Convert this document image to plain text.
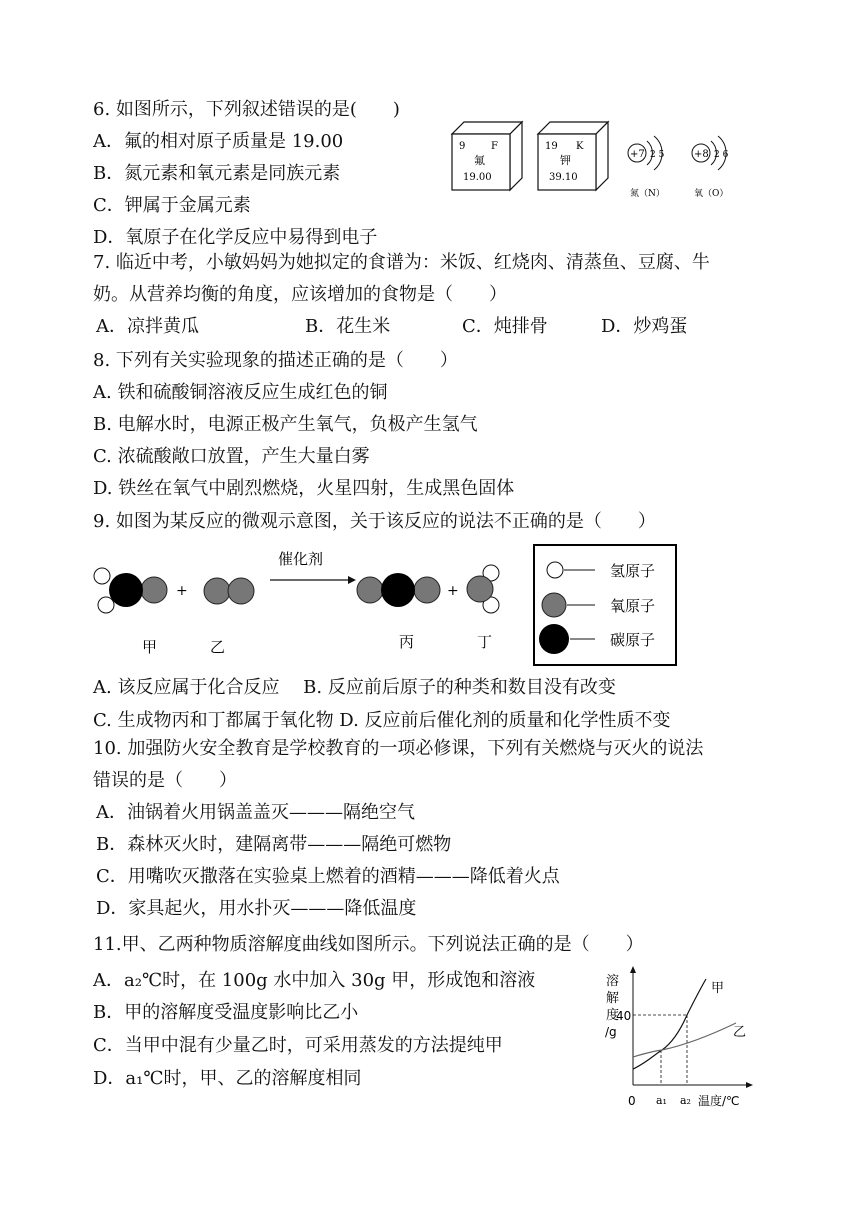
6. 如图所示，下列叙述错误的是(　　)
A．氟的相对原子质量是 19.00
B．氮元素和氧元素是同族元素
C．钾属于金属元素
D．氧原子在化学反应中易得到电子
9	F
氟
19.00
19 K
钾
39.10
+7 2 5
氮（N）
+8 2 6
氧（O）
7. 临近中考，小敏妈妈为她拟定的食谱为：米饭、红烧肉、清蒸鱼、豆腐、牛
奶。从营养均衡的角度，应该增加的食物是（　　）
A．凉拌黄瓜	B．花生米	C．炖排骨	D．炒鸡蛋
8. 下列有关实验现象的描述正确的是（　　）
A. 铁和硫酸铜溶液反应生成红色的铜
B. 电解水时，电源正极产生氧气，负极产生氢气
C. 浓硫酸敞口放置，产生大量白雾
D. 铁丝在氧气中剧烈燃烧，火星四射，生成黑色固体
9. 如图为某反应的微观示意图，关于该反应的说法不正确的是（　　）
+
催化剂
+
甲	乙	丙	丁
氢原子
氧原子
碳原子
A. 该反应属于化合反应　 B. 反应前后原子的种类和数目没有改变
C. 生成物丙和丁都属于氧化物 D. 反应前后催化剂的质量和化学性质不变
10. 加强防火安全教育是学校教育的一项必修课，下列有关燃烧与灭火的说法
错误的是（　　）
A．油锅着火用锅盖盖灭———隔绝空气
B．森林灭火时，建隔离带———隔绝可燃物
C．用嘴吹灭撒落在实验桌上燃着的酒精———降低着火点
D．家具起火，用水扑灭———降低温度
11.甲、乙两种物质溶解度曲线如图所示。下列说法正确的是（　　）
A．a₂℃时，在 100g 水中加入 30g 甲，形成饱和溶液
B．甲的溶解度受温度影响比乙小
C．当甲中混有少量乙时，可采用蒸发的方法提纯甲
D．a₁℃时，甲、乙的溶解度相同
溶
解
度
/g
40
甲
乙
0 a₁ a₂ 温度/℃
